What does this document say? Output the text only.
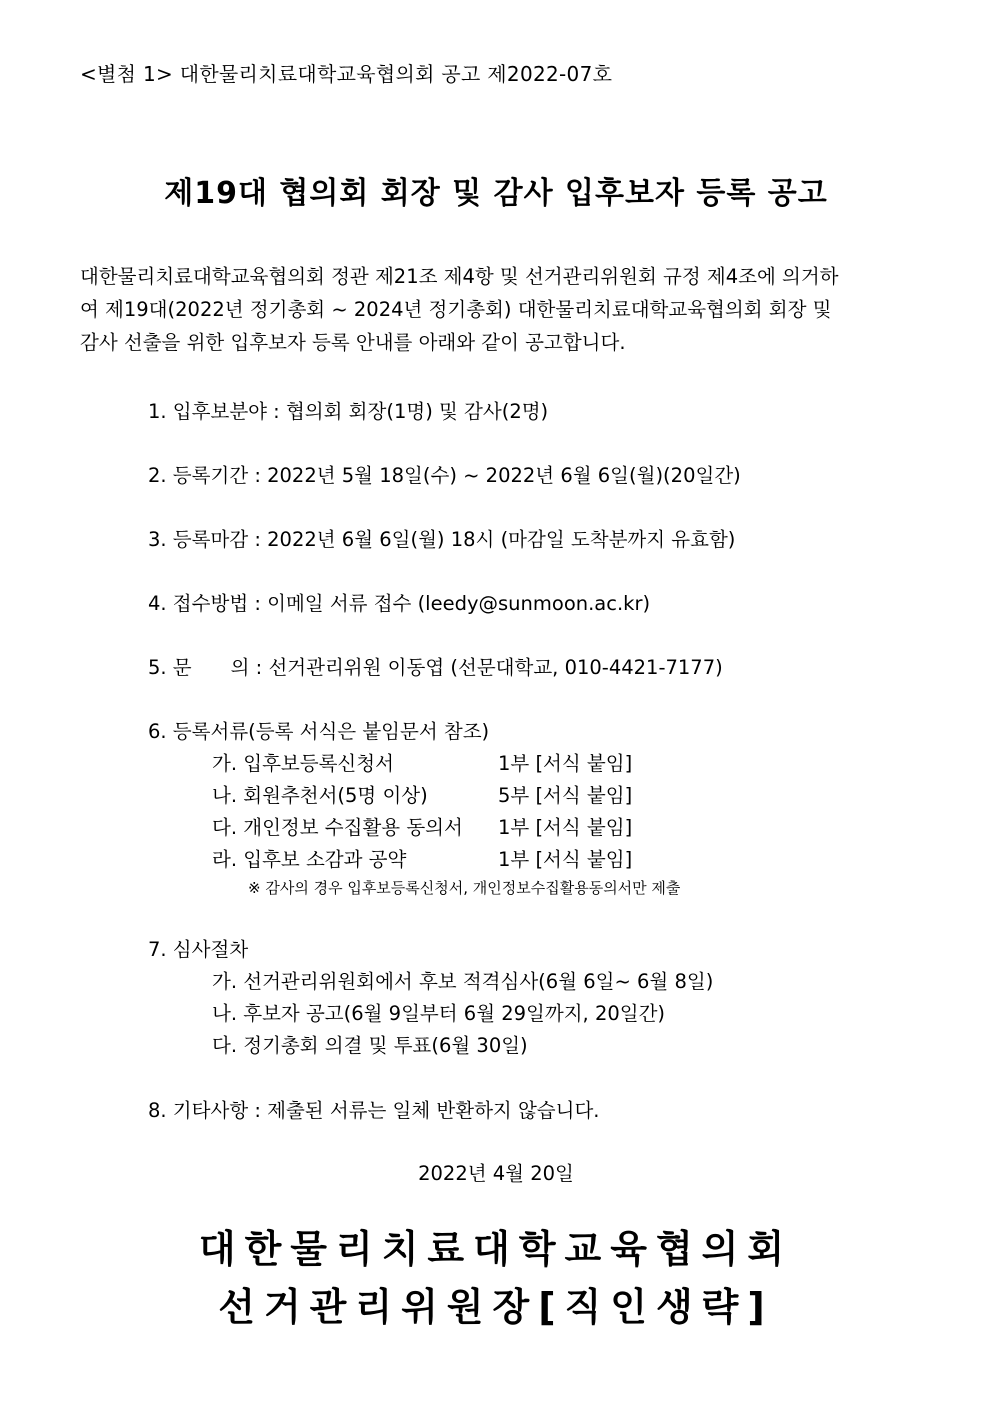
<별첨 1> 대한물리치료대학교육협의회 공고 제2022-07호
제19대 협의회 회장 및 감사 입후보자 등록 공고
대한물리치료대학교육협의회 정관 제21조 제4항 및 선거관리위원회 규정 제4조에 의거하
여 제19대(2022년 정기총회 ~ 2024년 정기총회) 대한물리치료대학교육협의회 회장 및
감사 선출을 위한 입후보자 등록 안내를 아래와 같이 공고합니다.
1. 입후보분야 : 협의회 회장(1명) 및 감사(2명)
2. 등록기간 : 2022년 5월 18일(수) ~ 2022년 6월 6일(월)(20일간)
3. 등록마감 : 2022년 6월 6일(월) 18시 (마감일 도착분까지 유효함)
4. 접수방법 : 이메일 서류 접수 (leedy@sunmoon.ac.kr)
5. 문　　의 : 선거관리위원 이동엽 (선문대학교, 010-4421-7177)
6. 등록서류(등록 서식은 붙임문서 참조)
가. 입후보등록신청서	1부 [서식 붙임]
나. 회원추천서(5명 이상)	5부 [서식 붙임]
다. 개인정보 수집활용 동의서 1부 [서식 붙임]
라. 입후보 소감과 공약	1부 [서식 붙임]
※ 감사의 경우 입후보등록신청서, 개인정보수집활용동의서만 제출
7. 심사절차
가. 선거관리위원회에서 후보 적격심사(6월 6일~ 6월 8일)
나. 후보자 공고(6월 9일부터 6월 29일까지, 20일간)
다. 정기총회 의결 및 투표(6월 30일)
8. 기타사항 : 제출된 서류는 일체 반환하지 않습니다.
2022년 4월 20일
대한물리치료대학교육협의회
선거관리위원장[직인생략]
